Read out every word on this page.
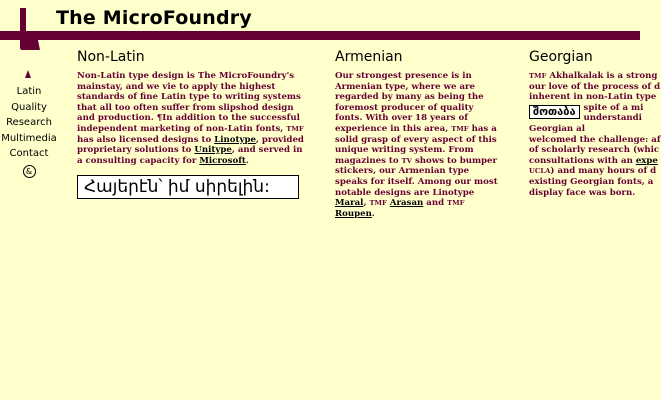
The MicroFoundry
Latin
Quality
Research
Multimedia
Contact
&
Non-Latin

Non-Latin type design is The MicroFoundry's mainstay, and we vie to apply the highest standards of fine Latin type to writing systems that all too often suffer from slipshod design and production. ¶In addition to the successful independent marketing of non-Latin fonts, TMF has also licensed designs to Linotype, provided proprietary solutions to Unitype, and served in a consulting capacity for Microsoft.

Հայերէն՝ իմ սիրելին:
Armenian

Our strongest presence is in Armenian type, where we are regarded by many as being the foremost producer of quality fonts. With over 18 years of experience in this area, TMF has a solid grasp of every aspect of this unique writing system. From magazines to TV shows to bumper stickers, our Armenian type speaks for itself. Among our most notable designs are Linotype Maral, TMF Arasan and TMF Roupen.

Georgian

TMF Akhalkalak is a strong
our love of the process of d
inherent in non-Latin type

შოთაბა spite of a mi
understandi
Georgian al
welcomed the challenge: af
of scholarly research (whic
consultations with an expe
UCLA) and many hours of d
existing Georgian fonts, a
display face was born.
